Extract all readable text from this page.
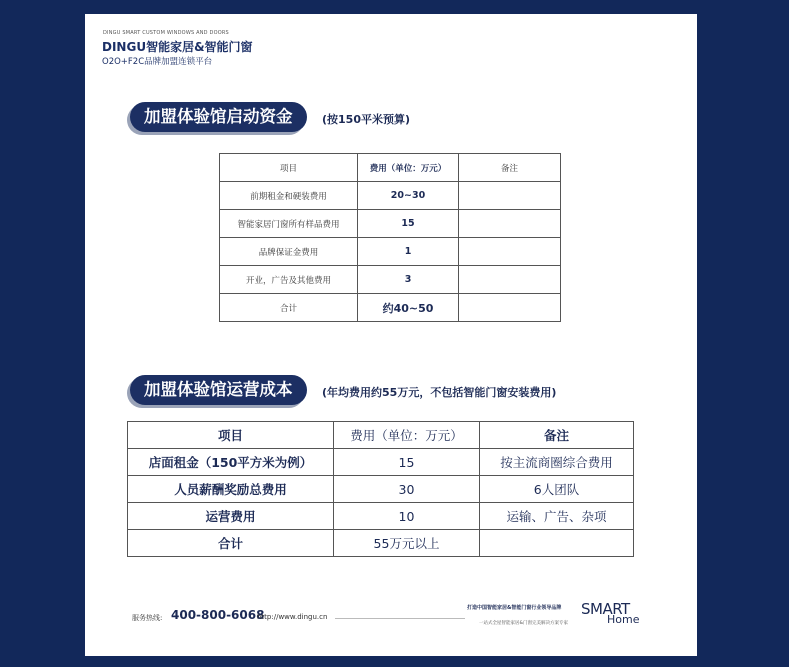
DINGU SMART CUSTOM WINDOWS AND DOORS
DINGU智能家居&智能门窗
O2O+F2C品牌加盟连锁平台
加盟体验馆启动资金	(按150平米预算)
项目	费用（单位：万元）	备注
前期租金和硬装费用	20~30	
智能家居门窗所有样品费用	15	
品牌保证金费用	1	
开业，广告及其他费用	3	
合计	约40~50	
加盟体验馆运营成本	(年均费用约55万元，不包括智能门窗安装费用)
项目	费用（单位：万元）	备注
店面租金（150平方米为例）	15	按主流商圈综合费用
人员薪酬奖励总费用	30	6人团队
运营费用	10	运输、广告、杂项
合计	55万元以上	
服务热线: 400-800-6068
http://www.dingu.cn
打造中国智能家居&智能门窗行业领导品牌
一站式全屋智能家居&门窗完美解决方案专家
SMART
Home
